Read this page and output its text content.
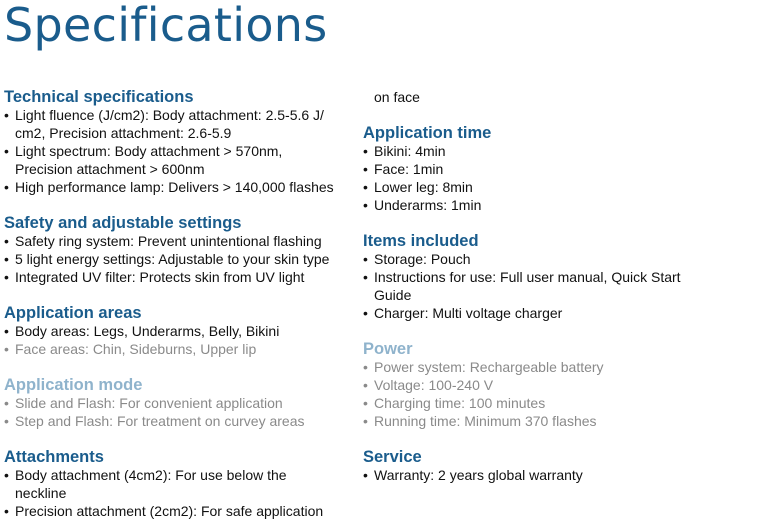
Specifications
Technical specifications
• Light fluence (J/cm2): Body attachment: 2.5-5.6 J/
cm2, Precision attachment: 2.6-5.9
• Light spectrum: Body attachment > 570nm,
Precision attachment > 600nm
• High performance lamp: Delivers > 140,000 flashes
Safety and adjustable settings
• Safety ring system: Prevent unintentional flashing
• 5 light energy settings: Adjustable to your skin type
• Integrated UV filter: Protects skin from UV light
Application areas
• Body areas: Legs, Underarms, Belly, Bikini
• Face areas: Chin, Sideburns, Upper lip
Application mode
• Slide and Flash: For convenient application
• Step and Flash: For treatment on curvey areas
Attachments
• Body attachment (4cm2): For use below the
neckline
• Precision attachment (2cm2): For safe application
on face
Application time
• Bikini: 4min
• Face: 1min
• Lower leg: 8min
• Underarms: 1min
Items included
• Storage: Pouch
• Instructions for use: Full user manual, Quick Start
Guide
• Charger: Multi voltage charger
Power
• Power system: Rechargeable battery
• Voltage: 100-240 V
• Charging time: 100 minutes
• Running time: Minimum 370 flashes
Service
• Warranty: 2 years global warranty
